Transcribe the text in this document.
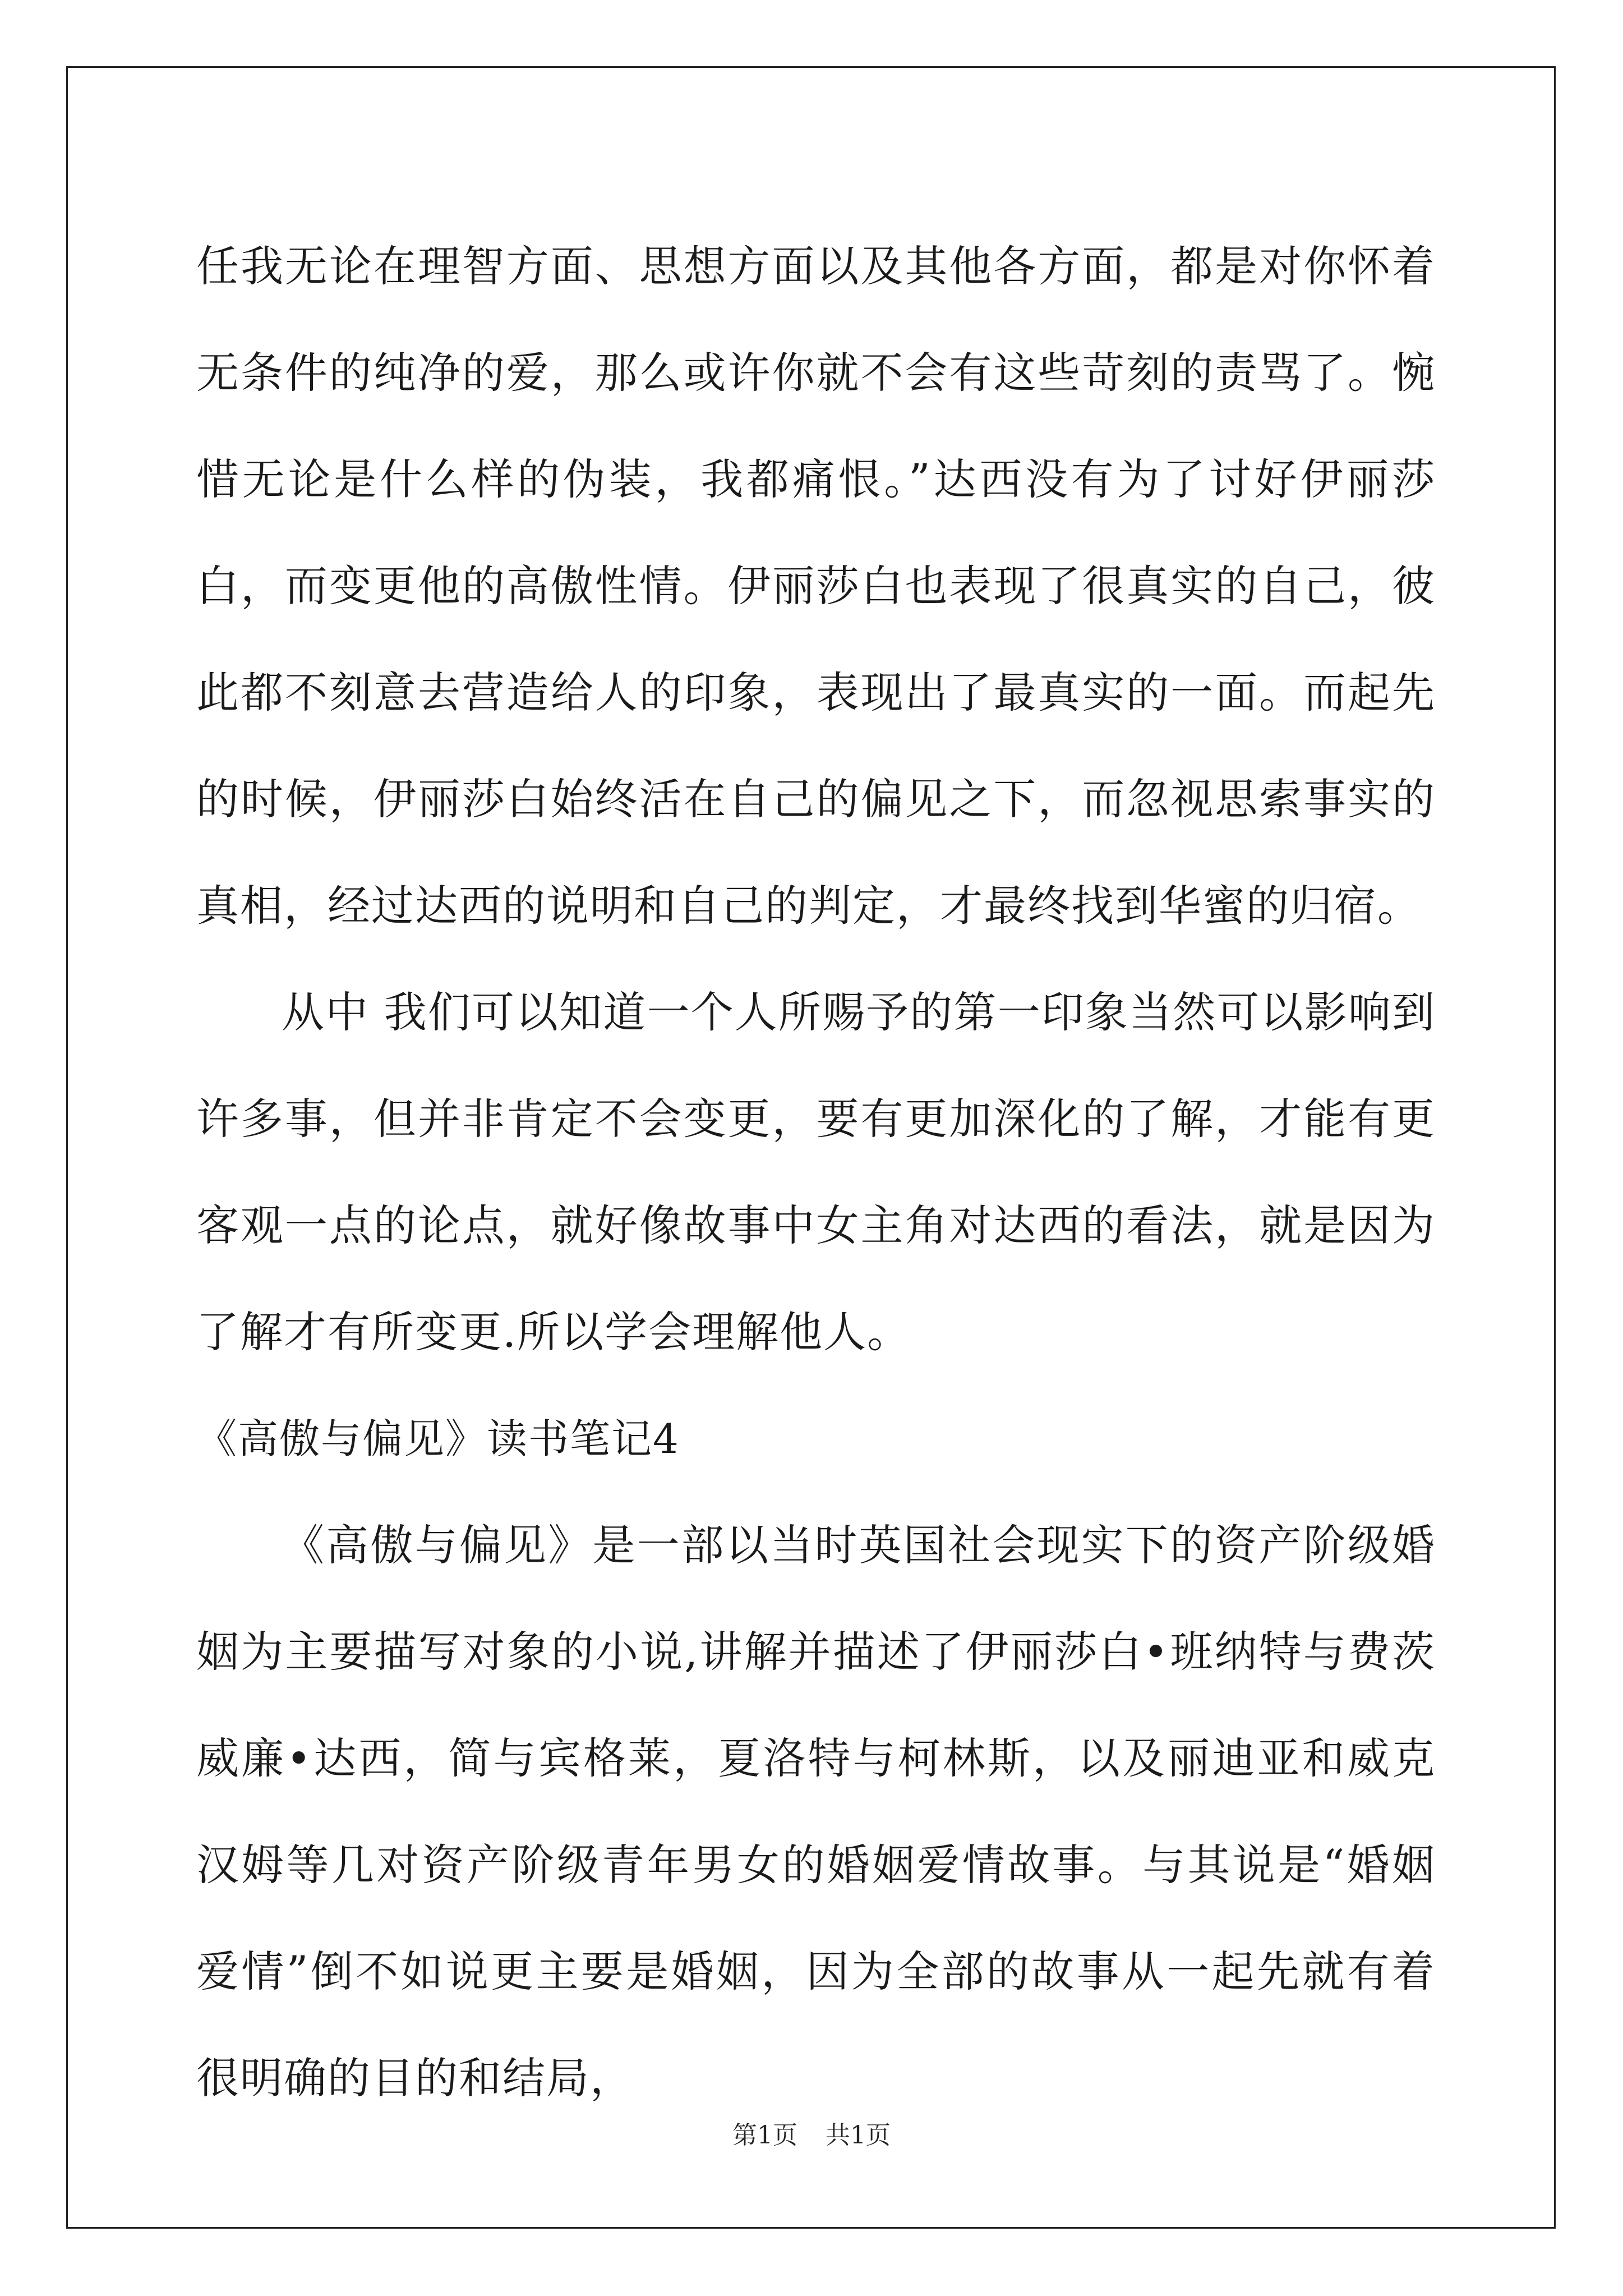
任我无论在理智方面、思想方面以及其他各方面，都是对你怀着无条件的纯净的爱，那么或许你就不会有这些苛刻的责骂了。惋惜无论是什么样的伪装，我都痛恨。”达西没有为了讨好伊丽莎白，而变更他的高傲性情。伊丽莎白也表现了很真实的自己，彼此都不刻意去营造给人的印象，表现出了最真实的一面。而起先的时候，伊丽莎白始终活在自己的偏见之下，而忽视思索事实的真相，经过达西的说明和自己的判定，才最终找到华蜜的归宿。

从中 我们可以知道一个人所赐予的第一印象当然可以影响到许多事，但并非肯定不会变更，要有更加深化的了解，才能有更客观一点的论点，就好像故事中女主角对达西的看法，就是因为了解才有所变更.所以学会理解他人。

《高傲与偏见》读书笔记4

《高傲与偏见》是一部以当时英国社会现实下的资产阶级婚姻为主要描写对象的小说,讲解并描述了伊丽莎白•班纳特与费茨威廉•达西，简与宾格莱，夏洛特与柯林斯，以及丽迪亚和威克汉姆等几对资产阶级青年男女的婚姻爱情故事。与其说是“婚姻爱情”倒不如说更主要是婚姻，因为全部的故事从一起先就有着很明确的目的和结局，

第1页 共1页
